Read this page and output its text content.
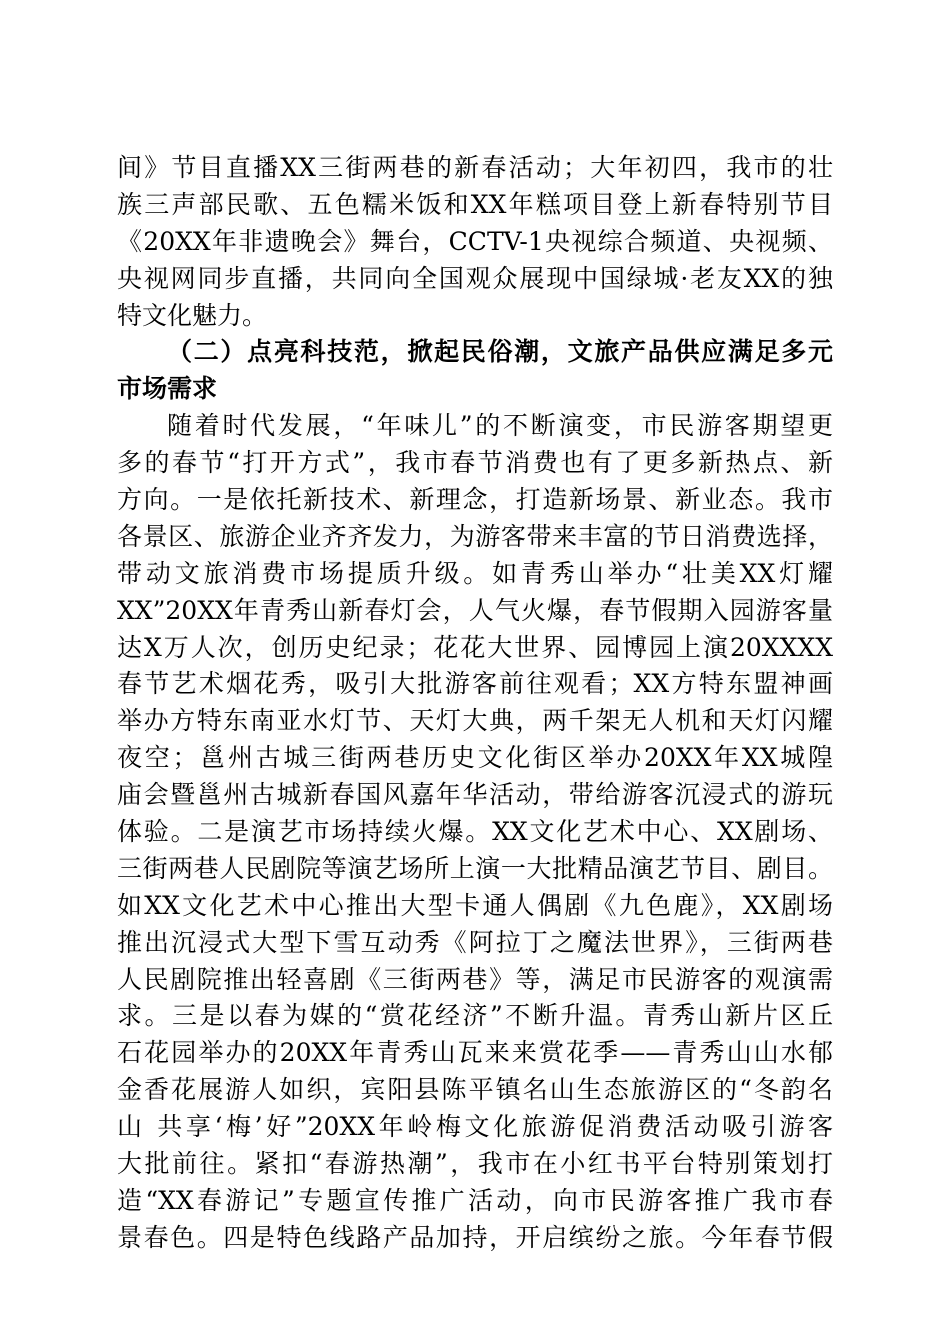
间》节目直播XX三街两巷的新春活动；大年初四，我市的壮
族三声部民歌、五色糯米饭和XX年糕项目登上新春特别节目
《20XX年非遗晚会》舞台，CCTV-1央视综合频道、央视频、
央视网同步直播，共同向全国观众展现中国绿城·老友XX的独
特文化魅力。
（二）点亮科技范，掀起民俗潮，文旅产品供应满足多元
市场需求
随着时代发展，“年味儿”的不断演变，市民游客期望更
多的春节“打开方式”，我市春节消费也有了更多新热点、新
方向。一是依托新技术、新理念，打造新场景、新业态。我市
各景区、旅游企业齐齐发力，为游客带来丰富的节日消费选择，
带动文旅消费市场提质升级。如青秀山举办“壮美XX灯耀
XX”20XX年青秀山新春灯会，人气火爆，春节假期入园游客量
达X万人次，创历史纪录；花花大世界、园博园上演20XXXX
春节艺术烟花秀，吸引大批游客前往观看；XX方特东盟神画
举办方特东南亚水灯节、天灯大典，两千架无人机和天灯闪耀
夜空；邕州古城三街两巷历史文化街区举办20XX年XX城隍
庙会暨邕州古城新春国风嘉年华活动，带给游客沉浸式的游玩
体验。二是演艺市场持续火爆。XX文化艺术中心、XX剧场、
三街两巷人民剧院等演艺场所上演一大批精品演艺节目、剧目。
如XX文化艺术中心推出大型卡通人偶剧《九色鹿》，XX剧场
推出沉浸式大型下雪互动秀《阿拉丁之魔法世界》，三街两巷
人民剧院推出轻喜剧《三街两巷》等，满足市民游客的观演需
求。三是以春为媒的“赏花经济”不断升温。青秀山新片区丘
石花园举办的20XX年青秀山瓦来来赏花季——青秀山山水郁
金香花展游人如织，宾阳县陈平镇名山生态旅游区的“冬韵名
山 共享‘梅’好”20XX年岭梅文化旅游促消费活动吸引游客
大批前往。紧扣“春游热潮”，我市在小红书平台特别策划打
造“XX春游记”专题宣传推广活动，向市民游客推广我市春
景春色。四是特色线路产品加持，开启缤纷之旅。今年春节假
